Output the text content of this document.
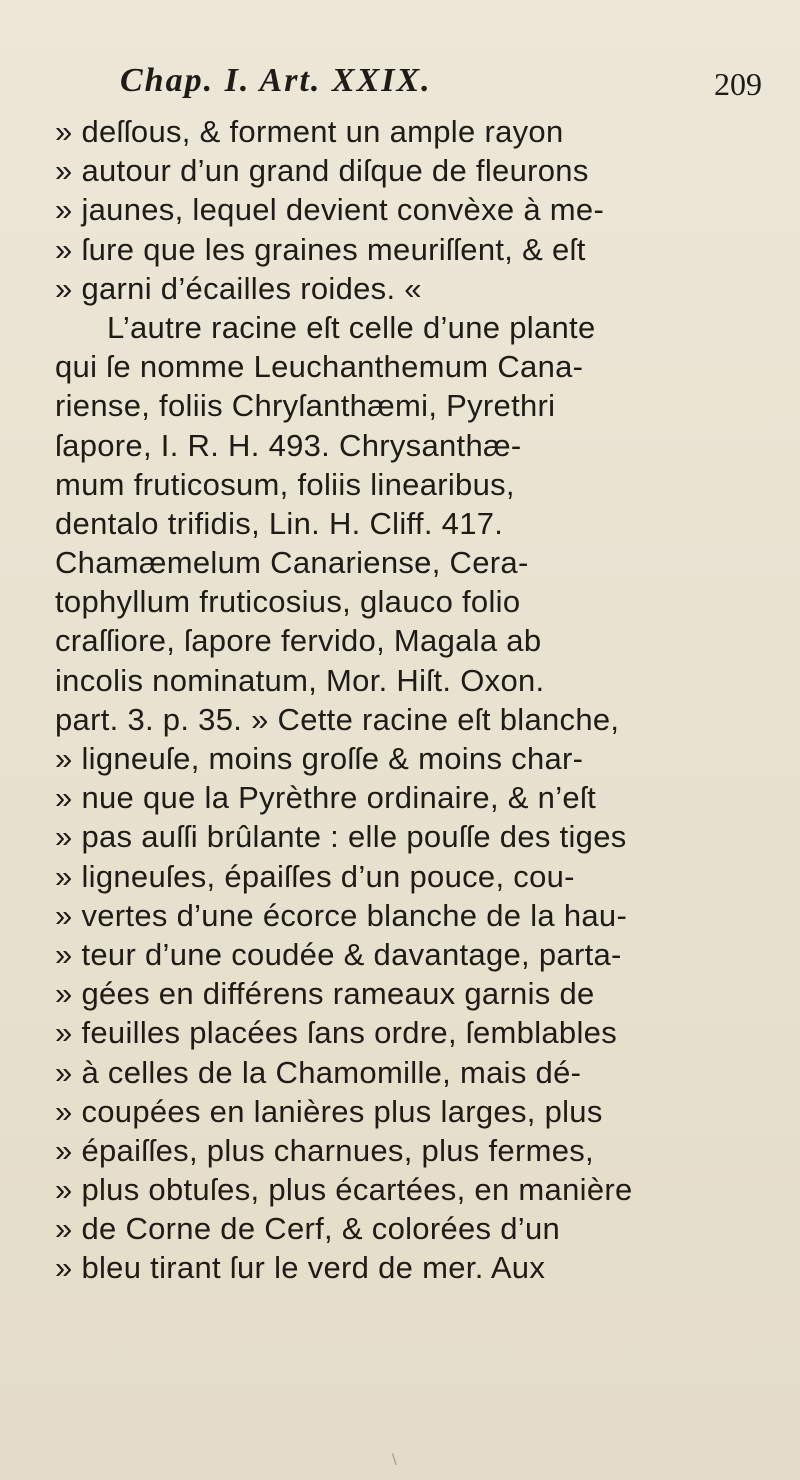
Chap. I. Art. XXIX.	209
» deſſous, & forment un ample rayon
» autour d’un grand diſque de fleurons
» jaunes, lequel devient convèxe à me-
» ſure que les graines meuriſſent, & eſt
» garni d’écailles roides. «
L’autre racine eſt celle d’une plante
qui ſe nomme Leuchanthemum Cana-
riense, foliis Chryſanthæmi, Pyrethri
ſapore, I. R. H. 493. Chrysanthæ-
mum fruticosum, foliis linearibus,
dentalo trifidis, Lin. H. Cliff. 417.
Chamæmelum Canariense, Cera-
tophyllum fruticosius, glauco folio
craſſiore, ſapore fervido, Magala ab
incolis nominatum, Mor. Hiſt. Oxon.
part. 3. p. 35. » Cette racine eſt blanche,
» ligneuſe, moins groſſe & moins char-
» nue que la Pyrèthre ordinaire, & n’eſt
» pas auſſi brûlante : elle pouſſe des tiges
» ligneuſes, épaiſſes d’un pouce, cou-
» vertes d’une écorce blanche de la hau-
» teur d’une coudée & davantage, parta-
» gées en différens rameaux garnis de
» feuilles placées ſans ordre, ſemblables
» à celles de la Chamomille, mais dé-
» coupées en lanières plus larges, plus
» épaiſſes, plus charnues, plus fermes,
» plus obtuſes, plus écartées, en manière
» de Corne de Cerf, & colorées d’un
» bleu tirant ſur le verd de mer. Aux
\
